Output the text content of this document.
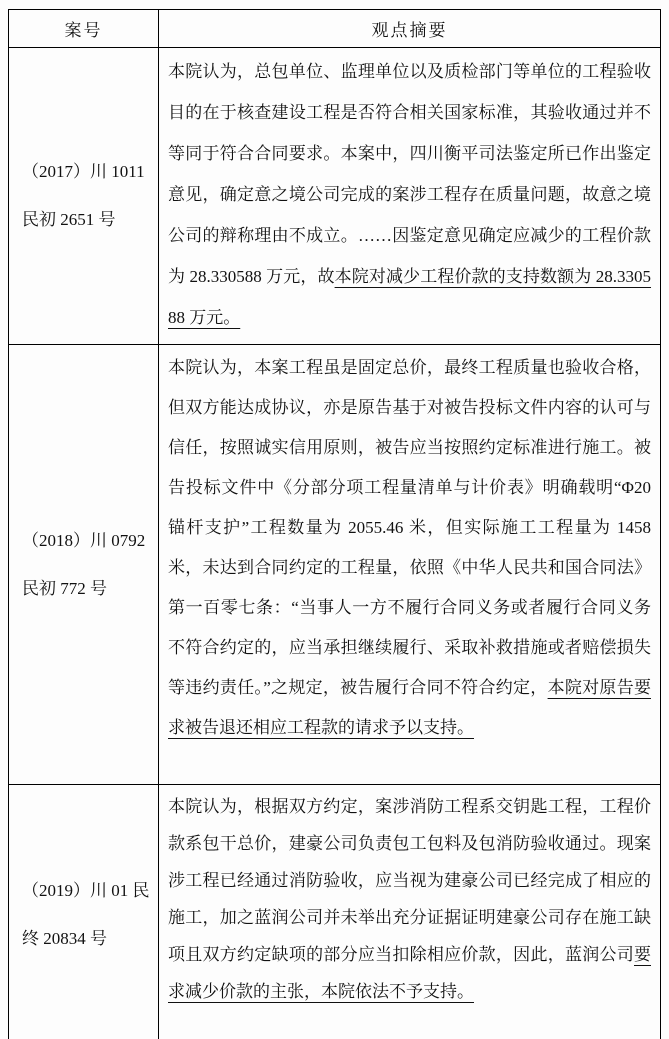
案号	观点摘要
（2017）川 1011 民初 2651 号	本院认为，总包单位、监理单位以及质检部门等单位的工程验收目的在于核查建设工程是否符合相关国家标准，其验收通过并不等同于符合合同要求。本案中，四川衡平司法鉴定所已作出鉴定意见，确定意之境公司完成的案涉工程存在质量问题，故意之境公司的辩称理由不成立。……因鉴定意见确定应减少的工程价款为 28.330588 万元，故本院对减少工程价款的支持数额为 28.330588 万元。
（2018）川 0792 民初 772 号	本院认为，本案工程虽是固定总价，最终工程质量也验收合格，但双方能达成协议，亦是原告基于对被告投标文件内容的认可与信任，按照诚实信用原则，被告应当按照约定标准进行施工。被告投标文件中《分部分项工程量清单与计价表》明确载明“Φ20 锚杆支护”工程数量为 2055.46 米，但实际施工工程量为 1458 米，未达到合同约定的工程量，依照《中华人民共和国合同法》第一百零七条：“当事人一方不履行合同义务或者履行合同义务不符合约定的，应当承担继续履行、采取补救措施或者赔偿损失等违约责任。”之规定，被告履行合同不符合约定，本院对原告要求被告退还相应工程款的请求予以支持。
（2019）川 01 民终 20834 号	本院认为，根据双方约定，案涉消防工程系交钥匙工程，工程价款系包干总价，建豪公司负责包工包料及包消防验收通过。现案涉工程已经通过消防验收，应当视为建豪公司已经完成了相应的施工，加之蓝润公司并未举出充分证据证明建豪公司存在施工缺项且双方约定缺项的部分应当扣除相应价款，因此，蓝润公司要求减少价款的主张，本院依法不予支持。
